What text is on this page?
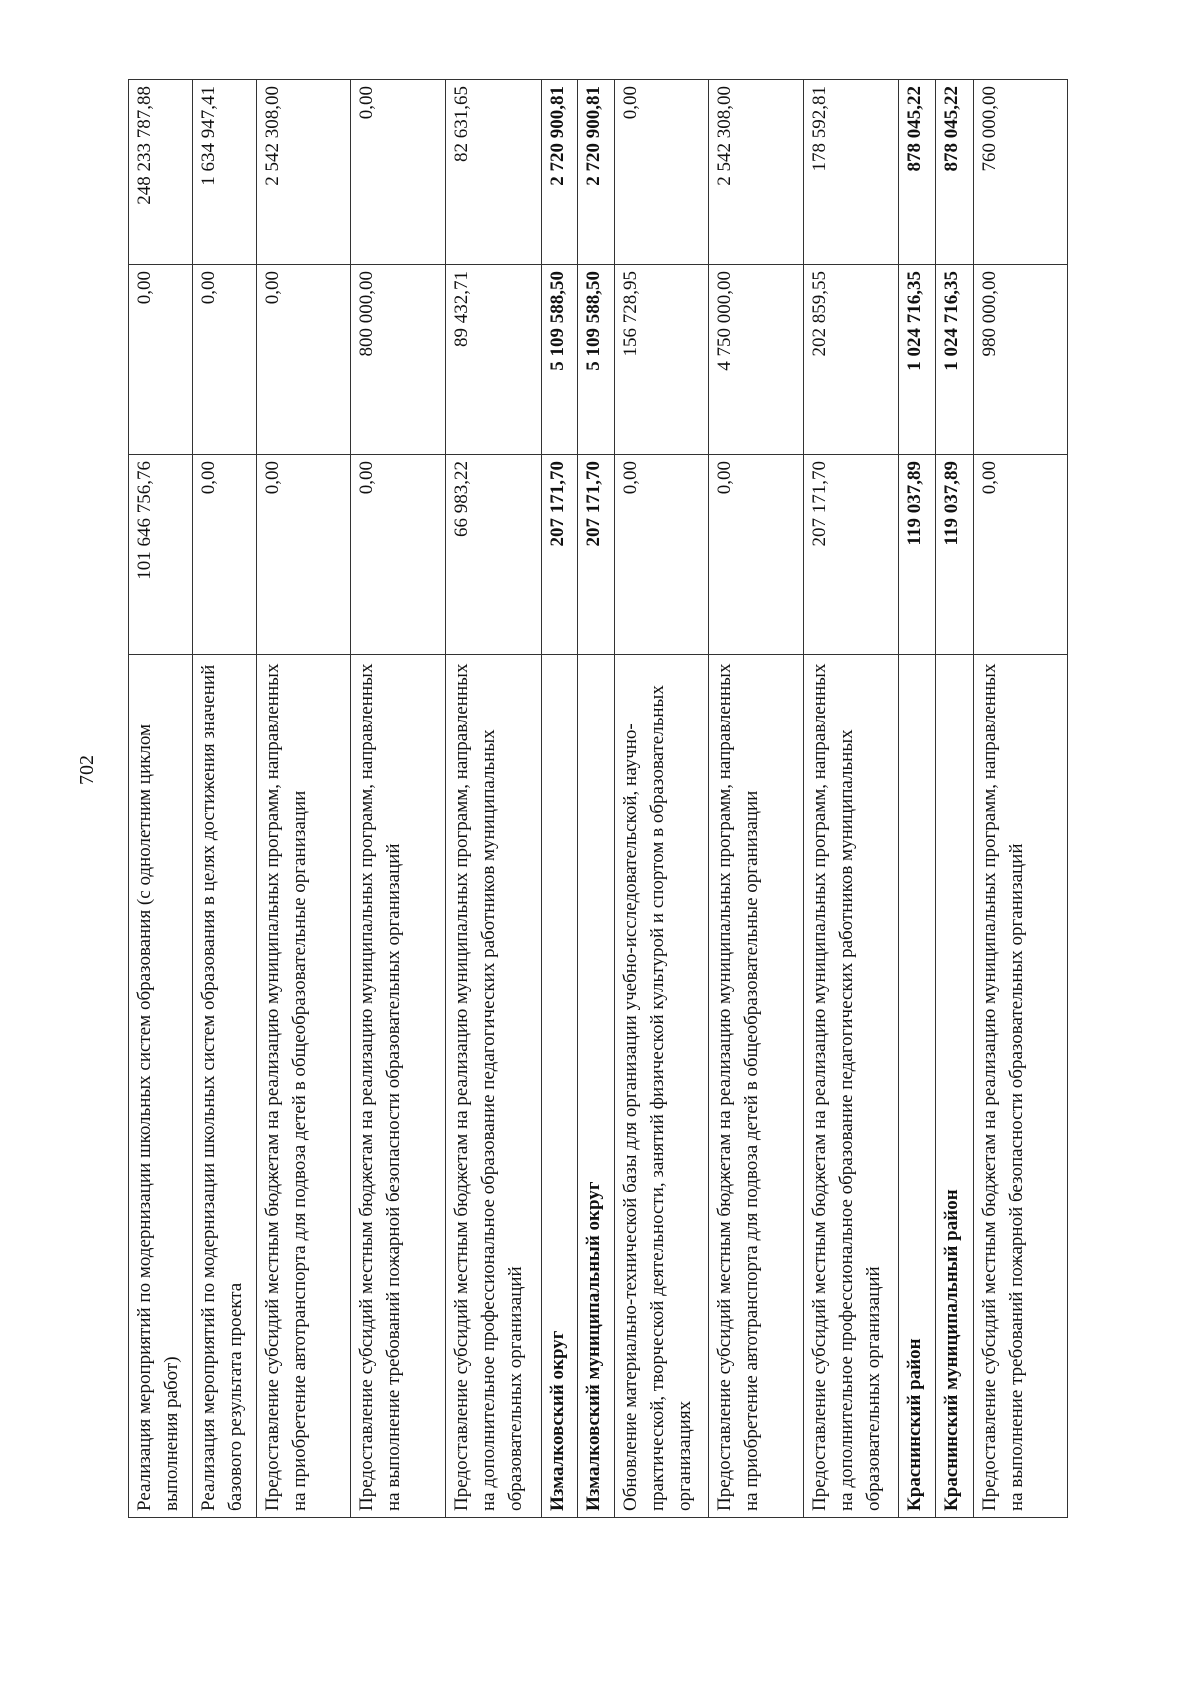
702 Реализация мероприятий по модернизации школьных систем образования (с однолетним циклом выполнения работ)	101 646 756,76	0,00	248 233 787,88
Реализация мероприятий по модернизации школьных систем образования в целях достижения значений базового результата проекта	0,00	0,00	1 634 947,41
Предоставление субсидий местным бюджетам на реализацию муниципальных программ, направленных на приобретение автотранспорта для подвоза детей в общеобразовательные организации	0,00	0,00	2 542 308,00
Предоставление субсидий местным бюджетам на реализацию муниципальных программ, направленных на выполнение требований пожарной безопасности образовательных организаций	0,00	800 000,00	0,00
Предоставление субсидий местным бюджетам на реализацию муниципальных программ, направленных на дополнительное профессиональное образование педагогических работников муниципальных образовательных организаций	66 983,22	89 432,71	82 631,65
Измалковский округ	207 171,70	5 109 588,50	2 720 900,81
Измалковский муниципальный округ	207 171,70	5 109 588,50	2 720 900,81
Обновление материально-технической базы для организации учебно-исследовательской, научно-практической, творческой деятельности, занятий физической культурой и спортом в образовательных организациях	0,00	156 728,95	0,00
Предоставление субсидий местным бюджетам на реализацию муниципальных программ, направленных на приобретение автотранспорта для подвоза детей в общеобразовательные организации	0,00	4 750 000,00	2 542 308,00
Предоставление субсидий местным бюджетам на реализацию муниципальных программ, направленных на дополнительное профессиональное образование педагогических работников муниципальных образовательных организаций	207 171,70	202 859,55	178 592,81
Краснинский район	119 037,89	1 024 716,35	878 045,22
Краснинский муниципальный район	119 037,89	1 024 716,35	878 045,22
Предоставление субсидий местным бюджетам на реализацию муниципальных программ, направленных на выполнение требований пожарной безопасности образовательных организаций	0,00	980 000,00	760 000,00
